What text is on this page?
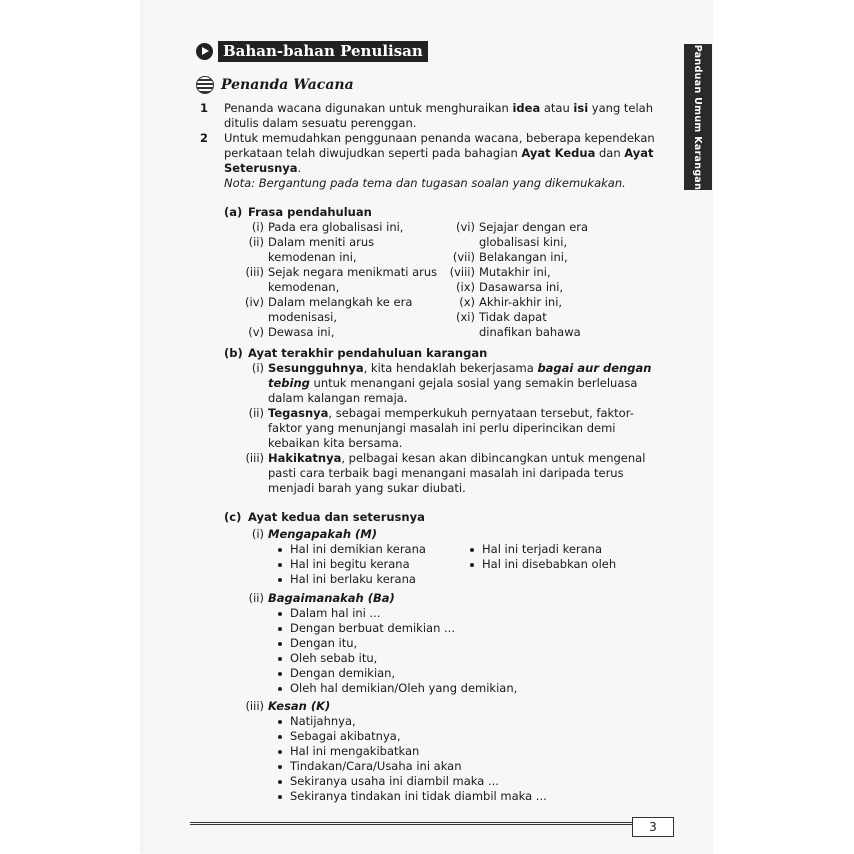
Panduan Umum Karangan
Bahan-bahan Penulisan
Penanda Wacana
1	Penanda wacana digunakan untuk menghuraikan idea atau isi yang telah ditulis dalam sesuatu perenggan.
2	Untuk memudahkan penggunaan penanda wacana, beberapa kependekan perkataan telah diwujudkan seperti pada bahagian Ayat Kedua dan Ayat Seterusnya.
Nota: Bergantung pada tema dan tugasan soalan yang dikemukakan.
(a) Frasa pendahuluan
(i) Pada era globalisasi ini,
(ii) Dalam meniti arus kemodenan ini,
(iii) Sejak negara menikmati arus kemodenan,
(iv) Dalam melangkah ke era modenisasi,
(v) Dewasa ini,
(vi) Sejajar dengan era globalisasi kini,
(vii) Belakangan ini,
(viii) Mutakhir ini,
(ix) Dasawarsa ini,
(x) Akhir-akhir ini,
(xi) Tidak dapat dinafikan bahawa
(b) Ayat terakhir pendahuluan karangan
(i) Sesungguhnya, kita hendaklah bekerjasama bagai aur dengan tebing untuk menangani gejala sosial yang semakin berleluasa dalam kalangan remaja.
(ii) Tegasnya, sebagai memperkukuh pernyataan tersebut, faktor-faktor yang menunjangi masalah ini perlu diperincikan demi kebaikan kita bersama.
(iii) Hakikatnya, pelbagai kesan akan dibincangkan untuk mengenal pasti cara terbaik bagi menangani masalah ini daripada terus menjadi barah yang sukar diubati.
(c) Ayat kedua dan seterusnya
(i) Mengapakah (M)
Hal ini demikian kerana
Hal ini begitu kerana
Hal ini berlaku kerana
Hal ini terjadi kerana
Hal ini disebabkan oleh
(ii) Bagaimanakah (Ba)
Dalam hal ini ...
Dengan berbuat demikian ...
Dengan itu,
Oleh sebab itu,
Dengan demikian,
Oleh hal demikian/Oleh yang demikian,
(iii) Kesan (K)
Natijahnya,
Sebagai akibatnya,
Hal ini mengakibatkan
Tindakan/Cara/Usaha ini akan
Sekiranya usaha ini diambil maka ...
Sekiranya tindakan ini tidak diambil maka ...
3
